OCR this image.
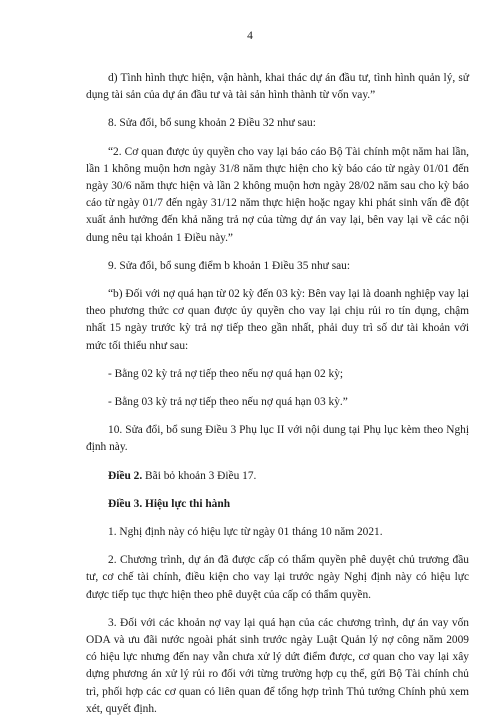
4

d) Tình hình thực hiện, vận hành, khai thác dự án đầu tư, tình hình quản lý, sử dụng tài sản của dự án đầu tư và tài sản hình thành từ vốn vay.”

8. Sửa đổi, bổ sung khoản 2 Điều 32 như sau:

“2. Cơ quan được ủy quyền cho vay lại báo cáo Bộ Tài chính một năm hai lần, lần 1 không muộn hơn ngày 31/8 năm thực hiện cho kỳ báo cáo từ ngày 01/01 đến ngày 30/6 năm thực hiện và lần 2 không muộn hơn ngày 28/02 năm sau cho kỳ báo cáo từ ngày 01/7 đến ngày 31/12 năm thực hiện hoặc ngay khi phát sinh vấn đề đột xuất ảnh hưởng đến khả năng trả nợ của từng dự án vay lại, bên vay lại về các nội dung nêu tại khoản 1 Điều này.”

9. Sửa đổi, bổ sung điểm b khoản 1 Điều 35 như sau:

“b) Đối với nợ quá hạn từ 02 kỳ đến 03 kỳ: Bên vay lại là doanh nghiệp vay lại theo phương thức cơ quan được ủy quyền cho vay lại chịu rủi ro tín dụng, chậm nhất 15 ngày trước kỳ trả nợ tiếp theo gần nhất, phải duy trì số dư tài khoản với mức tối thiểu như sau:

- Bằng 02 kỳ trả nợ tiếp theo nếu nợ quá hạn 02 kỳ;

- Bằng 03 kỳ trả nợ tiếp theo nếu nợ quá hạn 03 kỳ.”

10. Sửa đổi, bổ sung Điều 3 Phụ lục II với nội dung tại Phụ lục kèm theo Nghị định này.

Điều 2. Bãi bỏ khoản 3 Điều 17.

Điều 3. Hiệu lực thi hành

1. Nghị định này có hiệu lực từ ngày 01 tháng 10 năm 2021.

2. Chương trình, dự án đã được cấp có thẩm quyền phê duyệt chủ trương đầu tư, cơ chế tài chính, điều kiện cho vay lại trước ngày Nghị định này có hiệu lực được tiếp tục thực hiện theo phê duyệt của cấp có thẩm quyền.

3. Đối với các khoản nợ vay lại quá hạn của các chương trình, dự án vay vốn ODA và ưu đãi nước ngoài phát sinh trước ngày Luật Quản lý nợ công năm 2009 có hiệu lực nhưng đến nay vẫn chưa xử lý dứt điểm được, cơ quan cho vay lại xây dựng phương án xử lý rủi ro đối với từng trường hợp cụ thể, gửi Bộ Tài chính chủ trì, phối hợp các cơ quan có liên quan để tổng hợp trình Thủ tướng Chính phủ xem xét, quyết định.
